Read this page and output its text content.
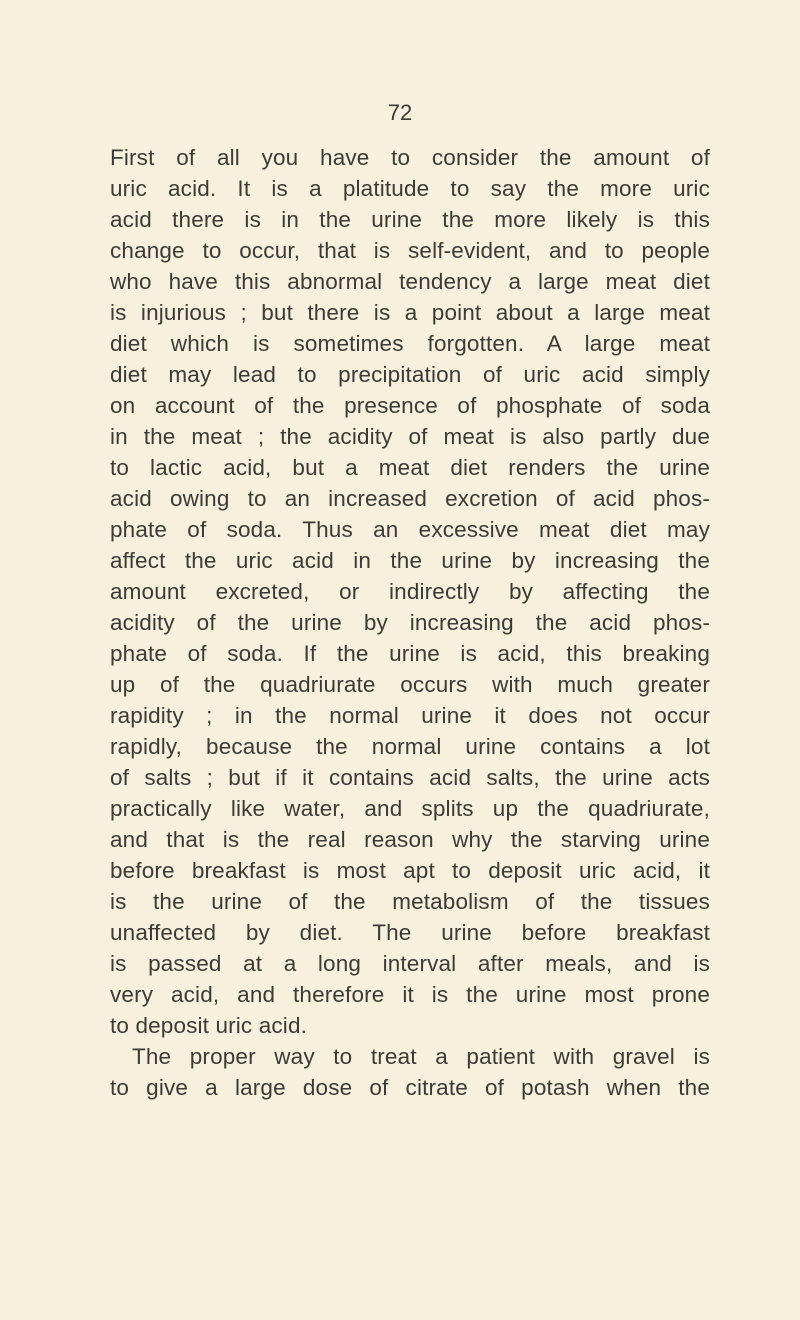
72
First of all you have to consider the amount of
uric acid. It is a platitude to say the more uric
acid there is in the urine the more likely is this
change to occur, that is self-evident, and to people
who have this abnormal tendency a large meat diet
is injurious ; but there is a point about a large meat
diet which is sometimes forgotten. A large meat
diet may lead to precipitation of uric acid simply
on account of the presence of phosphate of soda
in the meat ; the acidity of meat is also partly due
to lactic acid, but a meat diet renders the urine
acid owing to an increased excretion of acid phos-
phate of soda. Thus an excessive meat diet may
affect the uric acid in the urine by increasing the
amount excreted, or indirectly by affecting the
acidity of the urine by increasing the acid phos-
phate of soda. If the urine is acid, this breaking
up of the quadriurate occurs with much greater
rapidity ; in the normal urine it does not occur
rapidly, because the normal urine contains a lot
of salts ; but if it contains acid salts, the urine acts
practically like water, and splits up the quadriurate,
and that is the real reason why the starving urine
before breakfast is most apt to deposit uric acid, it
is the urine of the metabolism of the tissues
unaffected by diet. The urine before breakfast
is passed at a long interval after meals, and is
very acid, and therefore it is the urine most prone
to deposit uric acid.
The proper way to treat a patient with gravel is
to give a large dose of citrate of potash when the
